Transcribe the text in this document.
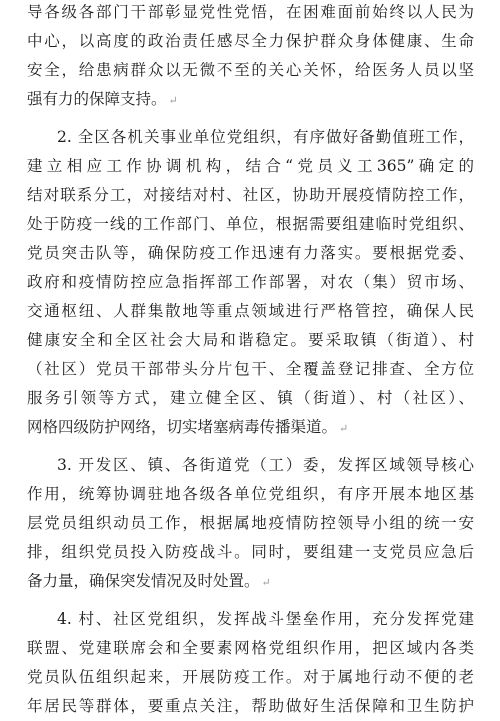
导各级各部门干部彰显党性党悟，在困难面前始终以人民为
中心，以高度的政治责任感尽全力保护群众身体健康、生命
安全，给患病群众以无微不至的关心关怀，给医务人员以坚
强有力的保障支持。 ↵
2. 全区各机关事业单位党组织，有序做好备勤值班工作，
建立相应工作协调机构，结合“党员义工365”确定的
结对联系分工，对接结对村、社区，协助开展疫情防控工作，
处于防疫一线的工作部门、单位，根据需要组建临时党组织、
党员突击队等，确保防疫工作迅速有力落实。要根据党委、
政府和疫情防控应急指挥部工作部署，对农（集）贸市场、
交通枢纽、人群集散地等重点领域进行严格管控，确保人民
健康安全和全区社会大局和谐稳定。要采取镇（街道）、村
（社区）党员干部带头分片包干、全覆盖登记排查、全方位
服务引领等方式，建立健全区、镇（街道）、村（社区）、
网格四级防护网络，切实堵塞病毒传播渠道。 ↵
3. 开发区、镇、各街道党（工）委，发挥区域领导核心
作用，统筹协调驻地各级各单位党组织，有序开展本地区基
层党员组织动员工作，根据属地疫情防控领导小组的统一安
排，组织党员投入防疫战斗。同时，要组建一支党员应急后
备力量，确保突发情况及时处置。 ↵
4. 村、社区党组织，发挥战斗堡垒作用，充分发挥党建
联盟、党建联席会和全要素网格党组织作用，把区域内各类
党员队伍组织起来，开展防疫工作。对于属地行动不便的老
年居民等群体，要重点关注，帮助做好生活保障和卫生防护
